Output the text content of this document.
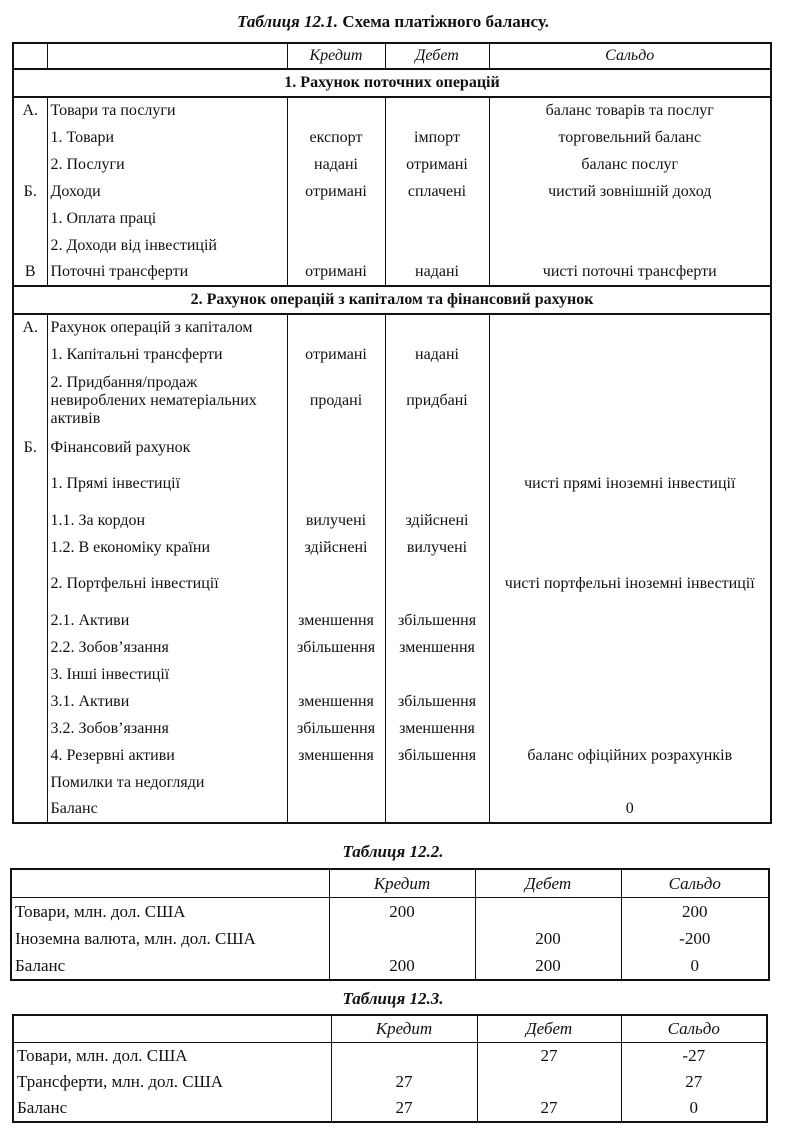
Таблиця 12.1. Схема платіжного балансу.
		Кредит	Дебет	Сальдо
1. Рахунок поточних операцій				
А.	Товари та послуги			баланс товарів та послуг
	1. Товари	експорт	імпорт	торговельний баланс
	2. Послуги	надані	отримані	баланс послуг
Б.	Доходи	отримані	сплачені	чистий зовнішній доход
	1. Оплата праці			
	2. Доходи від інвестицій			
В	Поточні трансферти	отримані	надані	чисті поточні трансферти
2. Рахунок операцій з капіталом та фінансовий рахунок				
А.	Рахунок операцій з капіталом			
	1. Капітальні трансферти	отримані	надані	
	2. Придбання/продаж невироблених нематеріальних активів	продані	придбані	
Б.	Фінансовий рахунок			
	1. Прямі інвестиції			чисті прямі іноземні інвестиції
	1.1. За кордон	вилучені	здійснені	
	1.2. В економіку країни	здійснені	вилучені	
	2. Портфельні інвестиції			чисті портфельні іноземні інвестиції
	2.1. Активи	зменшення	збільшення	
	2.2. Зобов’язання	збільшення	зменшення	
	3. Інші інвестиції			
	3.1. Активи	зменшення	збільшення	
	3.2. Зобов’язання	збільшення	зменшення	
	4. Резервні активи	зменшення	збільшення	баланс офіційних розрахунків
	Помилки та недогляди			
	Баланс			0
Таблиця 12.2.
	Кредит	Дебет	Сальдо
Товари, млн. дол. США	200		200
Іноземна валюта, млн. дол. США		200	-200
Баланс	200	200	0
Таблиця 12.3.
	Кредит	Дебет	Сальдо
Товари, млн. дол. США		27	-27
Трансферти, млн. дол. США	27		27
Баланс	27	27	0
